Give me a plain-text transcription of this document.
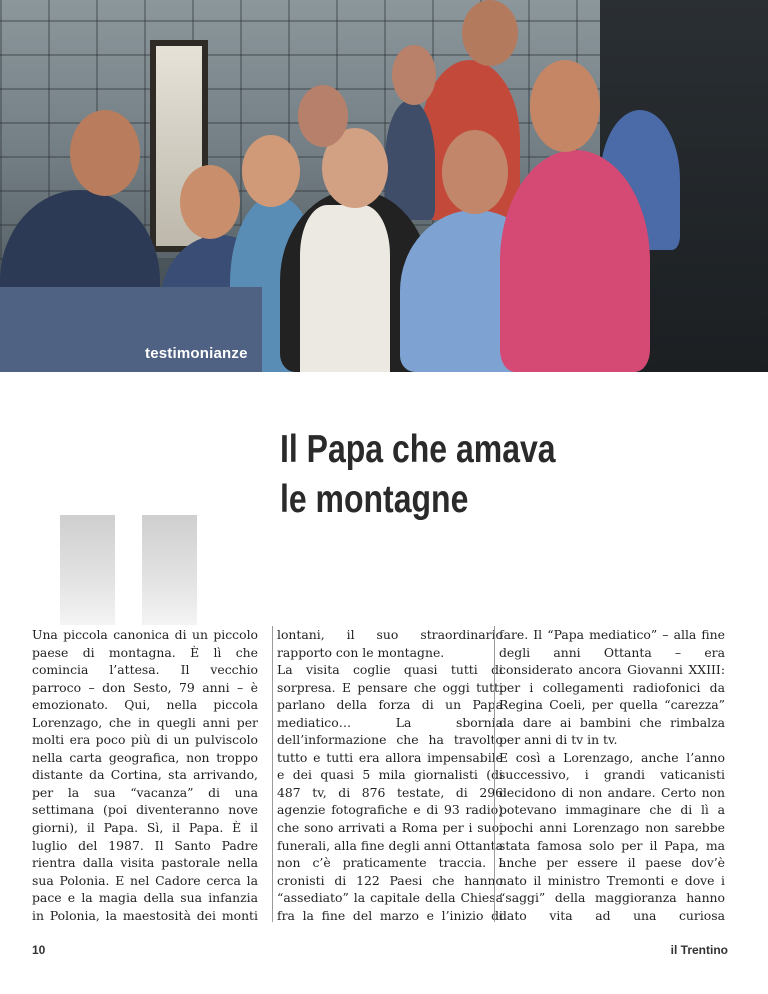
testimonianze
Il Papa che amava
le montagne

Una piccola canonica di un piccolo paese di montagna. È lì che comincia l’attesa. Il vecchio parroco – don Sesto, 79 anni – è emozionato. Qui, nella piccola Lorenzago, che in quegli anni per molti era poco più di un pulviscolo nella carta geografica, non troppo distante da Cortina, sta arrivando, per la sua “vacanza” di una settimana (poi diventeranno nove giorni), il Papa. Sì, il Papa. È il luglio del 1987. Il Santo Padre rientra dalla visita pastorale nella sua Polonia. E nel Cadore cerca la pace e la magia della sua infanzia in Polonia, la maestosità dei monti

lontani, il suo straordinario rapporto con le montagne.

La visita coglie quasi tutti di sorpresa. E pensare che oggi tutti parlano della forza di un Papa mediatico… La sbornia dell’informazione che ha travolto tutto e tutti era allora impensabile e dei quasi 5 mila giornalisti (di 487 tv, di 876 testate, di 296 agenzie fotografiche e di 93 radio) che sono arrivati a Roma per i suoi funerali, alla fine degli anni Ottanta non c’è praticamente traccia. I cronisti di 122 Paesi che hanno “assediato” la capitale della Chiesa fra la fine del marzo e l’inizio di

fare. Il “Papa mediatico” – alla fine degli anni Ottanta – era considerato ancora Giovanni XXIII: per i collegamenti radiofonici da Regina Coeli, per quella “carezza” da dare ai bambini che rimbalza per anni di tv in tv.

E così a Lorenzago, anche l’anno successivo, i grandi vaticanisti decidono di non andare. Certo non potevano immaginare che di lì a pochi anni Lorenzago non sarebbe stata famosa solo per il Papa, ma anche per essere il paese dov’è nato il ministro Tremonti e dove i “saggi” della maggioranza hanno dato vita ad una curiosa

10	il Trentino
